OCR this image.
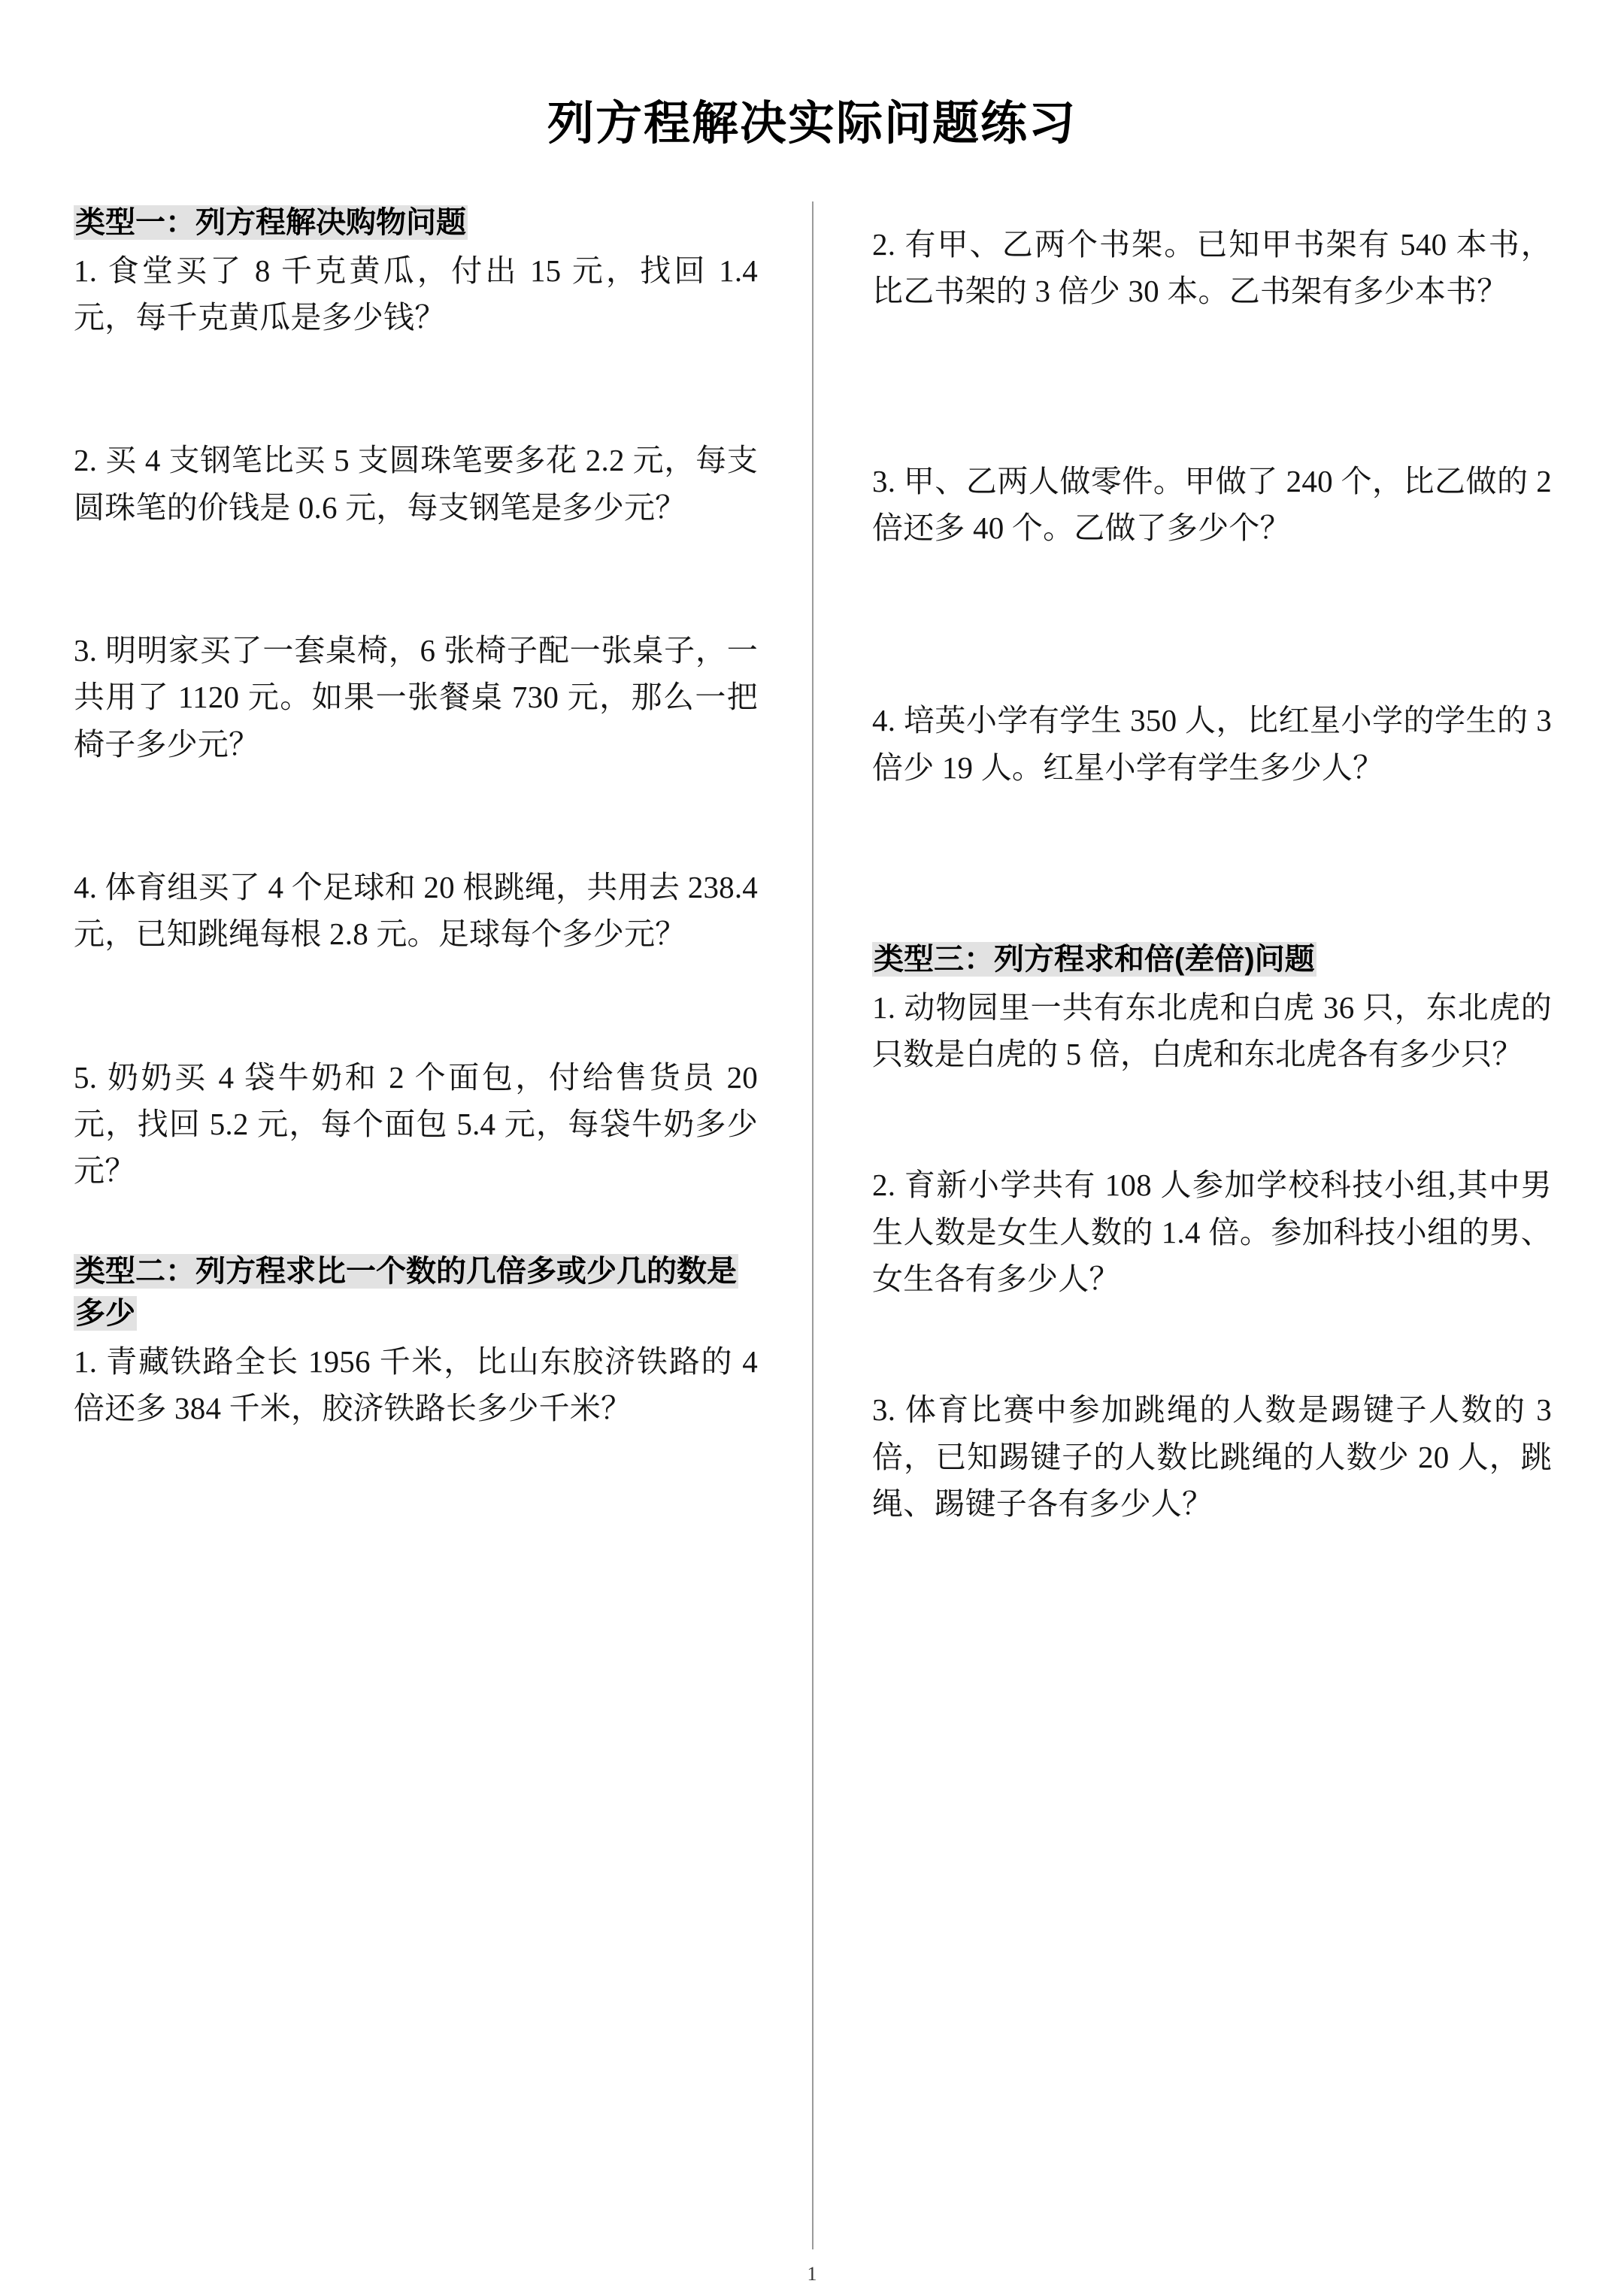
列方程解决实际问题练习
类型一：列方程解决购物问题

1. 食堂买了 8 千克黄瓜，付出 15 元，找回 1.4 元，每千克黄瓜是多少钱？

2. 买 4 支钢笔比买 5 支圆珠笔要多花 2.2 元，每支圆珠笔的价钱是 0.6 元，每支钢笔是多少元？

3. 明明家买了一套桌椅，6 张椅子配一张桌子，一共用了 1120 元。如果一张餐桌 730 元，那么一把椅子多少元？

4. 体育组买了 4 个足球和 20 根跳绳，共用去 238.4 元，已知跳绳每根 2.8 元。足球每个多少元？

5. 奶奶买 4 袋牛奶和 2 个面包，付给售货员 20 元，找回 5.2 元，每个面包 5.4 元，每袋牛奶多少元？

类型二：列方程求比一个数的几倍多或少几的数是多少

1. 青藏铁路全长 1956 千米，比山东胶济铁路的 4 倍还多 384 千米，胶济铁路长多少千米？

2. 有甲、乙两个书架。已知甲书架有 540 本书，比乙书架的 3 倍少 30 本。乙书架有多少本书？

3. 甲、乙两人做零件。甲做了 240 个，比乙做的 2 倍还多 40 个。乙做了多少个？

4. 培英小学有学生 350 人，比红星小学的学生的 3 倍少 19 人。红星小学有学生多少人？

类型三：列方程求和倍(差倍)问题

1. 动物园里一共有东北虎和白虎 36 只，东北虎的只数是白虎的 5 倍，白虎和东北虎各有多少只？

2. 育新小学共有 108 人参加学校科技小组,其中男生人数是女生人数的 1.4 倍。参加科技小组的男、女生各有多少人？

3. 体育比赛中参加跳绳的人数是踢键子人数的 3 倍，已知踢键子的人数比跳绳的人数少 20 人，跳绳、踢键子各有多少人？

1
